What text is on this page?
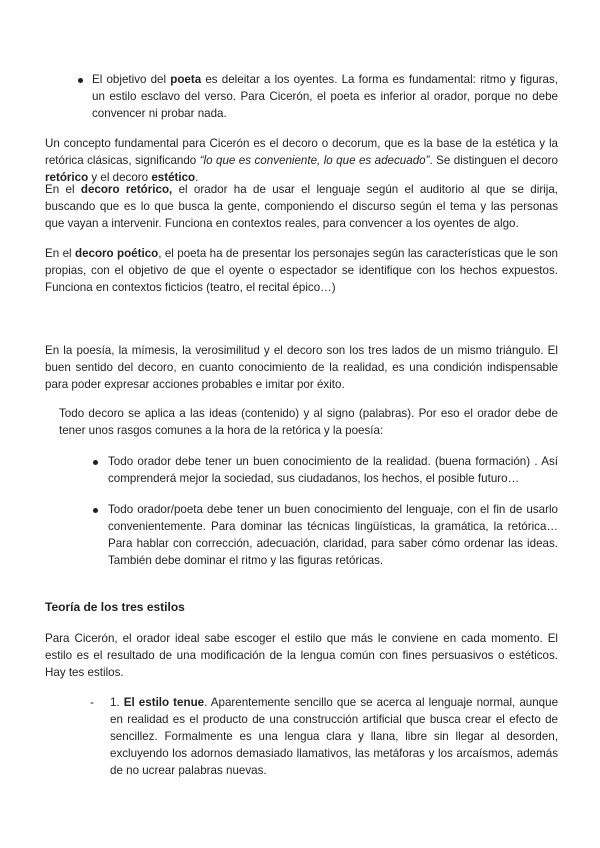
El objetivo del poeta es deleitar a los oyentes. La forma es fundamental: ritmo y figuras, un estilo esclavo del verso. Para Cicerón, el poeta es inferior al orador, porque no debe convencer ni probar nada.

Un concepto fundamental para Cicerón es el decoro o decorum, que es la base de la estética y la retórica clásicas, significando “lo que es conveniente, lo que es adecuado”. Se distinguen el decoro retórico y el decoro estético.

En el decoro retórico, el orador ha de usar el lenguaje según el auditorio al que se dirija, buscando que es lo que busca la gente, componiendo el discurso según el tema y las personas que vayan a intervenir. Funciona en contextos reales, para convencer a los oyentes de algo.

En el decoro poético, el poeta ha de presentar los personajes según las características que le son propias, con el objetivo de que el oyente o espectador se identifique con los hechos expuestos. Funciona en contextos ficticios (teatro, el recital épico…)

En la poesía, la mímesis, la verosimilitud y el decoro son los tres lados de un mismo triángulo. El buen sentido del decoro, en cuanto conocimiento de la realidad, es una condición indispensable para poder expresar acciones probables e imitar por éxito.

Todo decoro se aplica a las ideas (contenido) y al signo (palabras). Por eso el orador debe de tener unos rasgos comunes a la hora de la retórica y la poesía:

Todo orador debe tener un buen conocimiento de la realidad. (buena formación) . Así comprenderá mejor la sociedad, sus ciudadanos, los hechos, el posible futuro…
Todo orador/poeta debe tener un buen conocimiento del lenguaje, con el fin de usarlo convenientemente. Para dominar las técnicas lingüísticas, la gramática, la retórica… Para hablar con corrección, adecuación, claridad, para saber cómo ordenar las ideas. También debe dominar el ritmo y las figuras retóricas.

Teoría de los tres estilos

Para Cicerón, el orador ideal sabe escoger el estilo que más le conviene en cada momento. El estilo es el resultado de una modificación de la lengua común con fines persuasivos o estéticos. Hay tes estilos.

- 1. El estilo tenue. Aparentemente sencillo que se acerca al lenguaje normal, aunque en realidad es el producto de una construcción artificial que busca crear el efecto de sencillez. Formalmente es una lengua clara y llana, libre sin llegar al desorden, excluyendo los adornos demasiado llamativos, las metáforas y los arcaísmos, además de no ucrear palabras nuevas.
